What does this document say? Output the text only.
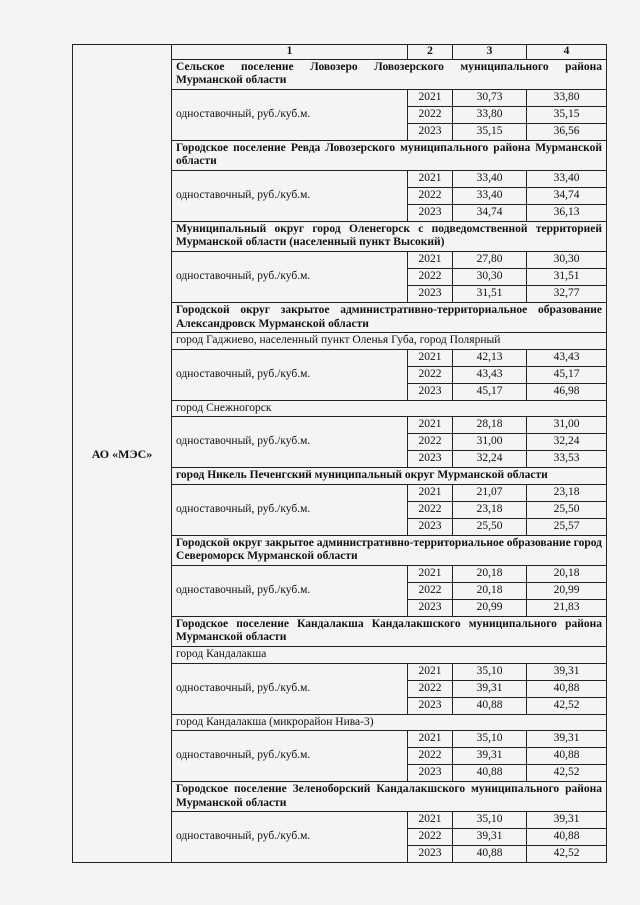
АО «МЭС»	1	2	3	4
	Сельское поселение Ловозеро Ловозерского муниципального района Мурманской области			
	одноставочный, руб./куб.м.	2021	30,73	33,80
		2022	33,80	35,15
		2023	35,15	36,56
	Городское поселение Ревда Ловозерского муниципального района Мурманской области			
	одноставочный, руб./куб.м.	2021	33,40	33,40
		2022	33,40	34,74
		2023	34,74	36,13
	Муниципальный округ город Оленегорск с подведомственной территорией Мурманской области (населенный пункт Высокий)			
	одноставочный, руб./куб.м.	2021	27,80	30,30
		2022	30,30	31,51
		2023	31,51	32,77
	Городской округ закрытое административно-территориальное образование Александровск Мурманской области			
	город Гаджиево, населенный пункт Оленья Губа, город Полярный			
	одноставочный, руб./куб.м.	2021	42,13	43,43
		2022	43,43	45,17
		2023	45,17	46,98
	город Снежногорск			
	одноставочный, руб./куб.м.	2021	28,18	31,00
		2022	31,00	32,24
		2023	32,24	33,53
	город Никель Печенгский муниципальный округ Мурманской области			
	одноставочный, руб./куб.м.	2021	21,07	23,18
		2022	23,18	25,50
		2023	25,50	25,57
	Городской округ закрытое административно-территориальное образование город Североморск Мурманской области			
	одноставочный, руб./куб.м.	2021	20,18	20,18
		2022	20,18	20,99
		2023	20,99	21,83
	Городское поселение Кандалакша Кандалакшского муниципального района Мурманской области			
	город Кандалакша			
	одноставочный, руб./куб.м.	2021	35,10	39,31
		2022	39,31	40,88
		2023	40,88	42,52
	город Кандалакша (микрорайон Нива-3)			
	одноставочный, руб./куб.м.	2021	35,10	39,31
		2022	39,31	40,88
		2023	40,88	42,52
	Городское поселение Зеленоборский Кандалакшского муниципального района Мурманской области			
	одноставочный, руб./куб.м.	2021	35,10	39,31
		2022	39,31	40,88
		2023	40,88	42,52
